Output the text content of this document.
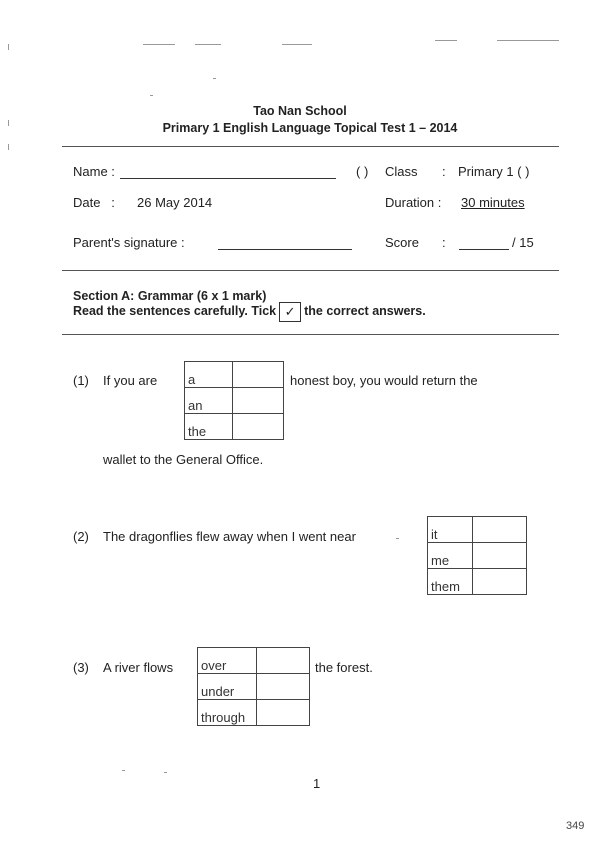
Tao Nan School
Primary 1 English Language Topical Test 1 – 2014
Name :	( ) Class : Primary 1 ( )
Date   : 26 May 2014	Duration : 30 minutes
Parent's signature :	Score :	/ 15
Section A: Grammar (6 x 1 mark)
Read the sentences carefully. Tick ✓ the correct answers.
(1) If you are a	
an	
the	
honest boy, you would return the
wallet to the General Office.
(2) The dragonflies flew away when I went near	it	
me	
them	
(3) A river flows over	
under	
through	
the forest.
1
349
